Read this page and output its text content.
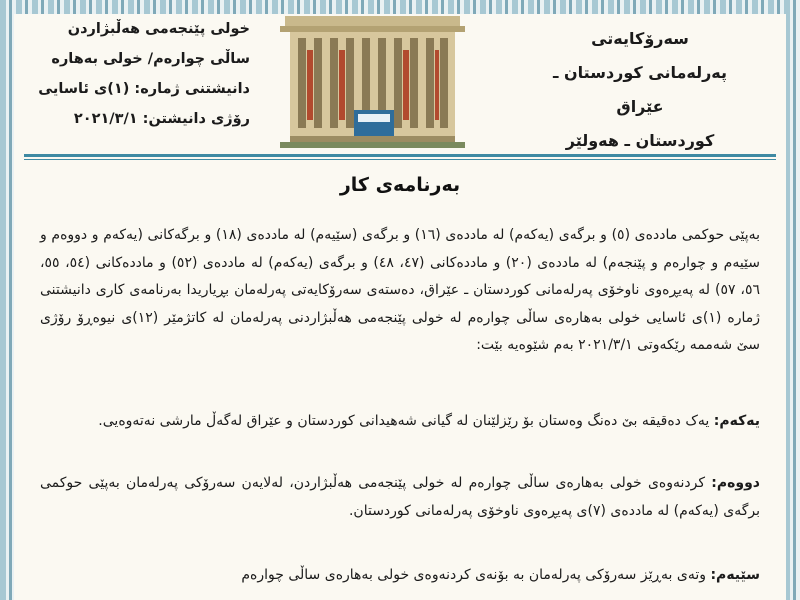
سەرۆکایەتی
پەرلەمانی کوردستان ـ عێراق
کوردستان ـ هەولێر
خولی پێنجەمی هەڵبژاردن
ساڵی چوارەم/ خولی بەهارە
دانیشتنی ژمارە: (١)ی ئاسایی
رۆژی دانیشتن: ٢٠٢١/٣/١
بەرنامەی کار
بەپێی حوکمی ماددەی (٥) و برگەی (یەکەم) لە ماددەی (١٦) و برگەی (سێیەم) لە ماددەی (١٨) و برگەکانی (یەکەم و دووەم و سێیەم و چوارەم و پێنجەم) لە ماددەی (٢٠) و ماددەکانی (٤٧، ٤٨) و برگەی (یەکەم) لە ماددەی (٥٢) و ماددەکانی (٥٤، ٥٥، ٥٦، ٥٧) لە پەیڕەوی ناوخۆی پەرلەمانی کوردستان ـ عێراق، دەستەی سەرۆکایەتی پەرلەمان بڕیاریدا بەرنامەی کاری دانیشتنی ژمارە (١)ی ئاسایی خولی بەهارەی ساڵی چوارەم لە خولی پێنجەمی هەڵبژاردنی پەرلەمان لە کاتژمێر (١٢)ی نیوەڕۆ رۆژی سێ شەممە رێکەوتی ٢٠٢١/٣/١ بەم شێوەیە بێت:
یەکەم: یەک دەقیقە بێ دەنگ وەستان بۆ رێزلێنان لە گیانی شەهیدانی کوردستان و عێراق لەگەڵ مارشی نەتەوەیی.
دووەم: کردنەوەی خولی بەهارەی ساڵی چوارەم لە خولی پێنجەمی هەڵبژاردن، لەلایەن سەرۆکی پەرلەمان بەپێی حوکمی برگەی (یەکەم) لە ماددەی (٧)ی پەیڕەوی ناوخۆی پەرلەمانی کوردستان.
سێیەم: وتەی بەڕێز سەرۆکی پەرلەمان بە بۆنەی کردنەوەی خولی بەهارەی ساڵی چوارەم
